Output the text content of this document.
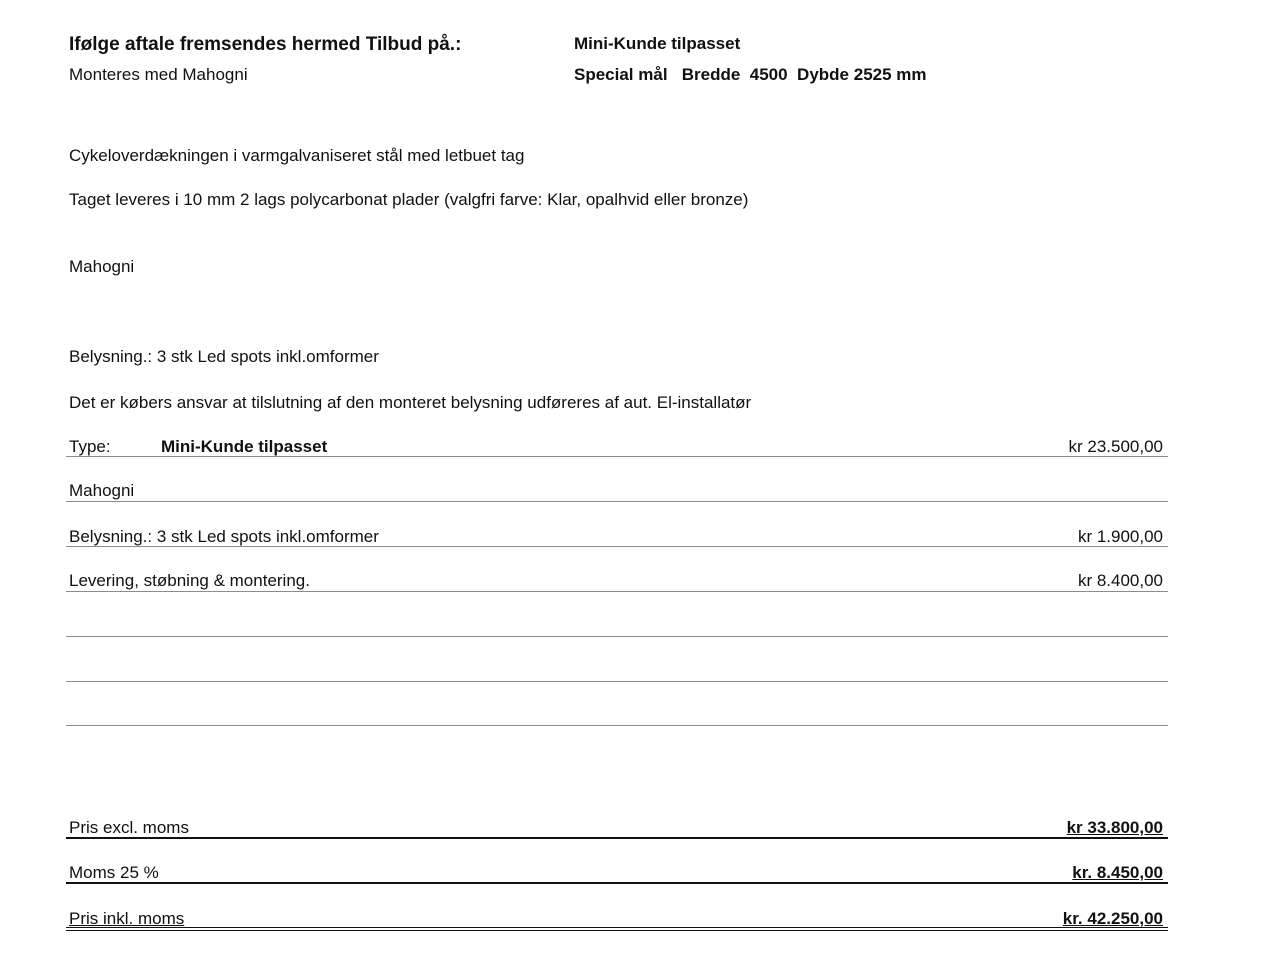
Ifølge aftale fremsendes hermed Tilbud på.:	Mini-Kunde tilpasset
Monteres med Mahogni	Special mål Bredde 4500 Dybde 2525 mm
Cykeloverdækningen i varmgalvaniseret stål med letbuet tag
Taget leveres i 10 mm 2 lags polycarbonat plader (valgfri farve: Klar, opalhvid eller bronze)
Mahogni
Belysning.: 3 stk Led spots inkl.omformer
Det er købers ansvar at tilslutning af den monteret belysning udføreres af aut. El-installatør
Type:	Mini-Kunde tilpasset	kr 23.500,00
Mahogni
Belysning.: 3 stk Led spots inkl.omformer	kr 1.900,00
Levering, støbning & montering.	kr 8.400,00
Pris excl. moms	kr 33.800,00
Moms 25 %	kr. 8.450,00
Pris inkl. moms	kr. 42.250,00
